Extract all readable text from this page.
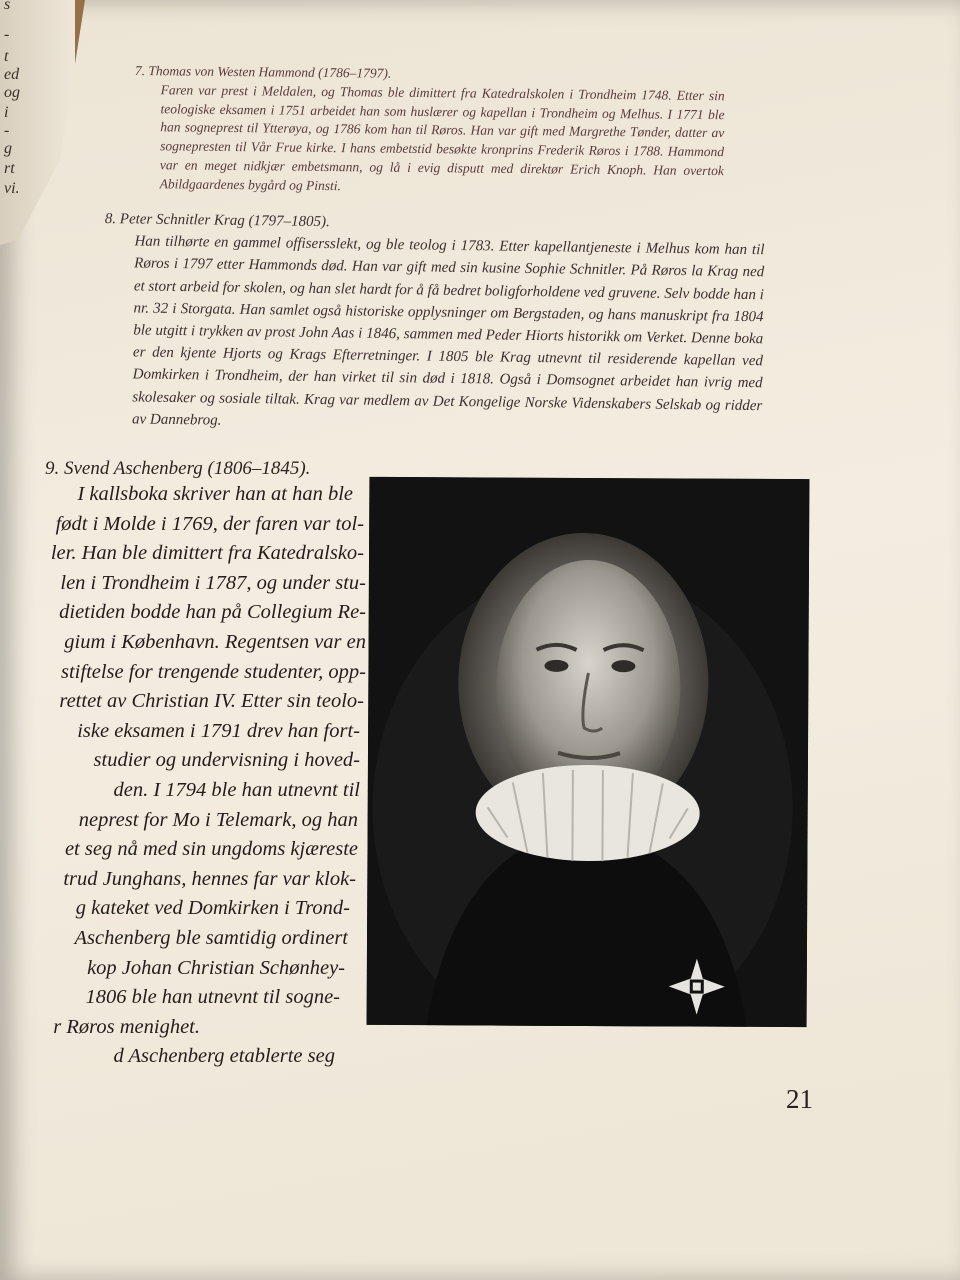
s
-
t
ed
og
i
-
g
rt
vi.
7. Thomas von Westen Hammond (1786–1797).

Faren var prest i Meldalen, og Thomas ble dimittert fra Katedralskolen i Trondheim 1748. Etter sin teologiske eksamen i 1751 arbeidet han som huslærer og kapellan i Trondheim og Melhus. I 1771 ble han sogneprest til Ytterøya, og 1786 kom han til Røros. Han var gift med Margrethe Tønder, datter av sognepresten til Vår Frue kirke. I hans embetstid besøkte kronprins Frederik Røros i 1788. Hammond var en meget nidkjær embetsmann, og lå i evig disputt med direktør Erich Knoph. Han overtok Abildgaardenes bygård og Pinsti.

8. Peter Schnitler Krag (1797–1805).

Han tilhørte en gammel offisersslekt, og ble teolog i 1783. Etter kapellantjeneste i Melhus kom han til Røros i 1797 etter Hammonds død. Han var gift med sin kusine Sophie Schnitler. På Røros la Krag ned et stort arbeid for skolen, og han slet hardt for å få bedret boligforholdene ved gruvene. Selv bodde han i nr. 32 i Storgata. Han samlet også historiske opplysninger om Bergstaden, og hans manuskript fra 1804 ble utgitt i trykken av prost John Aas i 1846, sammen med Peder Hiorts historikk om Verket. Denne boka er den kjente Hjorts og Krags Efterretninger. I 1805 ble Krag utnevnt til residerende kapellan ved Domkirken i Trondheim, der han virket til sin død i 1818. Også i Domsognet arbeidet han ivrig med skolesaker og sosiale tiltak. Krag var medlem av Det Kongelige Norske Videnskabers Selskab og ridder av Dannebrog.

9. Svend Aschenberg (1806–1845).
I kallsboka skriver han at han ble
født i Molde i 1769, der faren var tol-
ler. Han ble dimittert fra Katedralsko-
len i Trondheim i 1787, og under stu-
dietiden bodde han på Collegium Re-
gium i København. Regentsen var en
stiftelse for trengende studenter, opp-
rettet av Christian IV. Etter sin teolo-
iske eksamen i 1791 drev han fort-
studier og undervisning i hoved-
den. I 1794 ble han utnevnt til
neprest for Mo i Telemark, og han
et seg nå med sin ungdoms kjæreste
trud Junghans, hennes far var klok-
g kateket ved Domkirken i Trond-
Aschenberg ble samtidig ordinert
kop Johan Christian Schønhey-
1806 ble han utnevnt til sogne-
r Røros menighet.
d Aschenberg etablerte seg
21
